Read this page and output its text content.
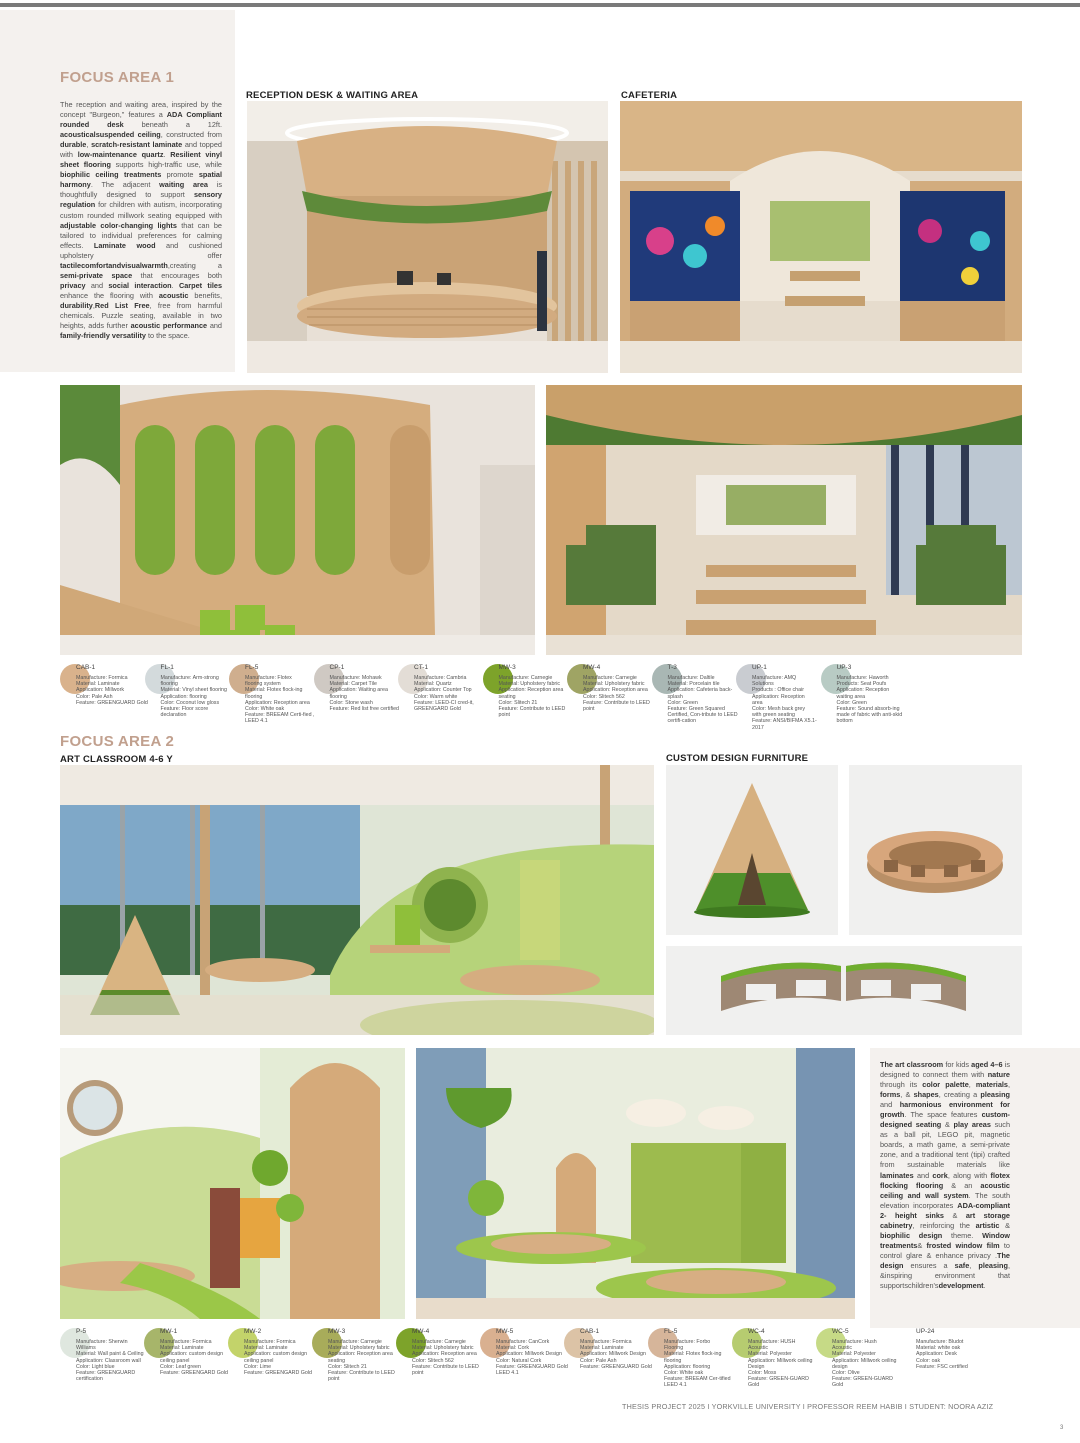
FOCUS AREA 1

The reception and waiting area, inspired by the concept "Burgeon," features a ADA Compliant rounded desk beneath a 12ft. acousticalsuspended ceiling, constructed from durable, scratch-resistant laminate and topped with low-maintenance quartz. Resilient vinyl sheet flooring supports high-traffic use, while biophilic ceiling treatments promote spatial harmony. The adjacent waiting area is thoughtfully designed to support sensory regulation for children with autism, incorporating custom rounded millwork seating equipped with adjustable color-changing lights that can be tailored to individual preferences for calming effects. Laminate wood and cushioned upholstery offer tactilecomfortandvisualwarmth,creating a semi-private space that encourages both privacy and social interaction. Carpet tiles enhance the flooring with acoustic benefits, durability,Red List Free, free from harmful chemicals. Puzzle seating, available in two heights, adds further acoustic performance and family-friendly versatility to the space.

RECEPTION DESK & WAITING AREA	CAFETERIA
CAB-1
Manufacture: Formica
Material: Laminate
Application: Millwork
Color: Pale Ash
Feature: GREENGUARD Gold
FL-1
Manufacture: Arm-strong flooring
Material: Vinyl sheet flooring
Application: flooring
Color: Coconut low gloss
Feature: Floor score declaration
FL-5
Manufacture: Flotex
flooring system
Material: Flotex flock-ing flooring
Application: Reception area
Color: White oak
Feature: BREEAM Certi-fied , LEED 4.1
CP-1
Manufacture: Mohawk
Material: Carpet Tile
Application: Waiting area flooring
Color: Stone wash
Feature: Red list free certified
CT-1
Manufacture: Cambria
Material: Quartz
Application: Counter Top
Color: Warm white
Feature: LEED-CI cred-it,
GREENGARD Gold
MW-3
Manufacture: Carnegie
Material: Upholstery fabric
Application: Reception area seating
Color: Slitech 21
Feature: Contribute to LEED point
MW-4
Manufacture: Carnegie
Material: Upholstery fabric
Application: Reception area
Color: Slitech 562
Feature: Contribute to LEED point
T-3
Manufacture: Daltile
Material: Porcelain tile
Application: Cafeteria back-splash
Color: Green
Feature: Green Squared Certified, Con-tribute to LEED certifi-cation
UP-1
Manufacture: AMQ
Solutions
Products : Office chair
Application: Reception
area
Color: Mesh back grey
with green seating
Feature: ANSI/BIFMA X5.1-2017
UP-3
Manufacture: Haworth
Products: Seat Poufs
Application: Reception
waiting area
Color: Green
Feature: Sound absorb-ing made of fabric with anti-skid bottom
FOCUS AREA 2
ART CLASSROOM 4-6 Y	CUSTOM DESIGN FURNITURE

The art classroom for kids aged 4–6 is designed to connect them with nature through its color palette, materials, forms, & shapes, creating a pleasing and harmonious environment for growth. The space features custom-designed seating & play areas such as a ball pit, LEGO pit, magnetic boards, a math game, a semi-private zone, and a traditional tent (tipi) crafted from sustainable materials like laminates and cork, along with flotex flocking flooring & an acoustic ceiling and wall system. The south elevation incorporates ADA-compliant 2- height sinks & art storage cabinetry, reinforcing the artistic & biophilic design theme. Window treatments& frosted window film to control glare & enhance privacy .The design ensures a safe, pleasing, &inspiring environment that supportschildren'sdevelopment.

P-5
Manufacture: Sherwin Williams
Material: Wall paint & Ceiling
Application: Classroom wall
Color: Light blue
Feature: GREENGUARD certification
MW-1
Manufacture: Formica
Material: Laminate
Application: custom design ceiling panel
Color: Leaf green
Feature: GREENGARD Gold
MW-2
Manufacture: Formica
Material: Laminate
Application: custom design ceiling panel
Color: Lime
Feature: GREENGARD Gold
MW-3
Manufacture: Carnegie
Material: Upholstery fabric
Application: Reception area seating
Color: Slitech 21
Feature: Contribute to LEED point
MW-4
Manufacture: Carnegie
Material: Upholstery fabric
Application: Reception area
Color: Slitech 562
Feature: Contribute to LEED point
MW-5
Manufacture: CanCork
Material: Cork
Application: Millwork Design
Color: Natural Cork
Feature: GREENGUARD Gold
LEED 4.1
CAB-1
Manufacture: Formica
Material: Laminate
Application: Millwork Design
Color: Pale Ash
Feature: GREENGUARD Gold
FL-5
Manufacture: Forbo
Flooring
Material: Flotex flock-ing flooring
Application: flooring
Color: White oak
Feature: BREEAM Cer-tified
LEED 4.1
WC-4
Manufacture: HUSH
Acoustic
Material: Polyester
Application: Millwork ceiling Design
Color: Moss
Feature: GREEN-GUARD Gold
WC-5
Manufacture: Hush
Acoustic
Material: Polyester
Application: Millwork ceiling design
Color: Olive
Feature: GREEN-GUARD Gold
UP-24
Manufacture: Bludot
Material: white oak
Application: Desk
Color: oak
Feature: FSC certified
THESIS PROJECT 2025 I YORKVILLE UNIVERSITY I PROFESSOR REEM HABIB I STUDENT: NOORA AZIZ
3
